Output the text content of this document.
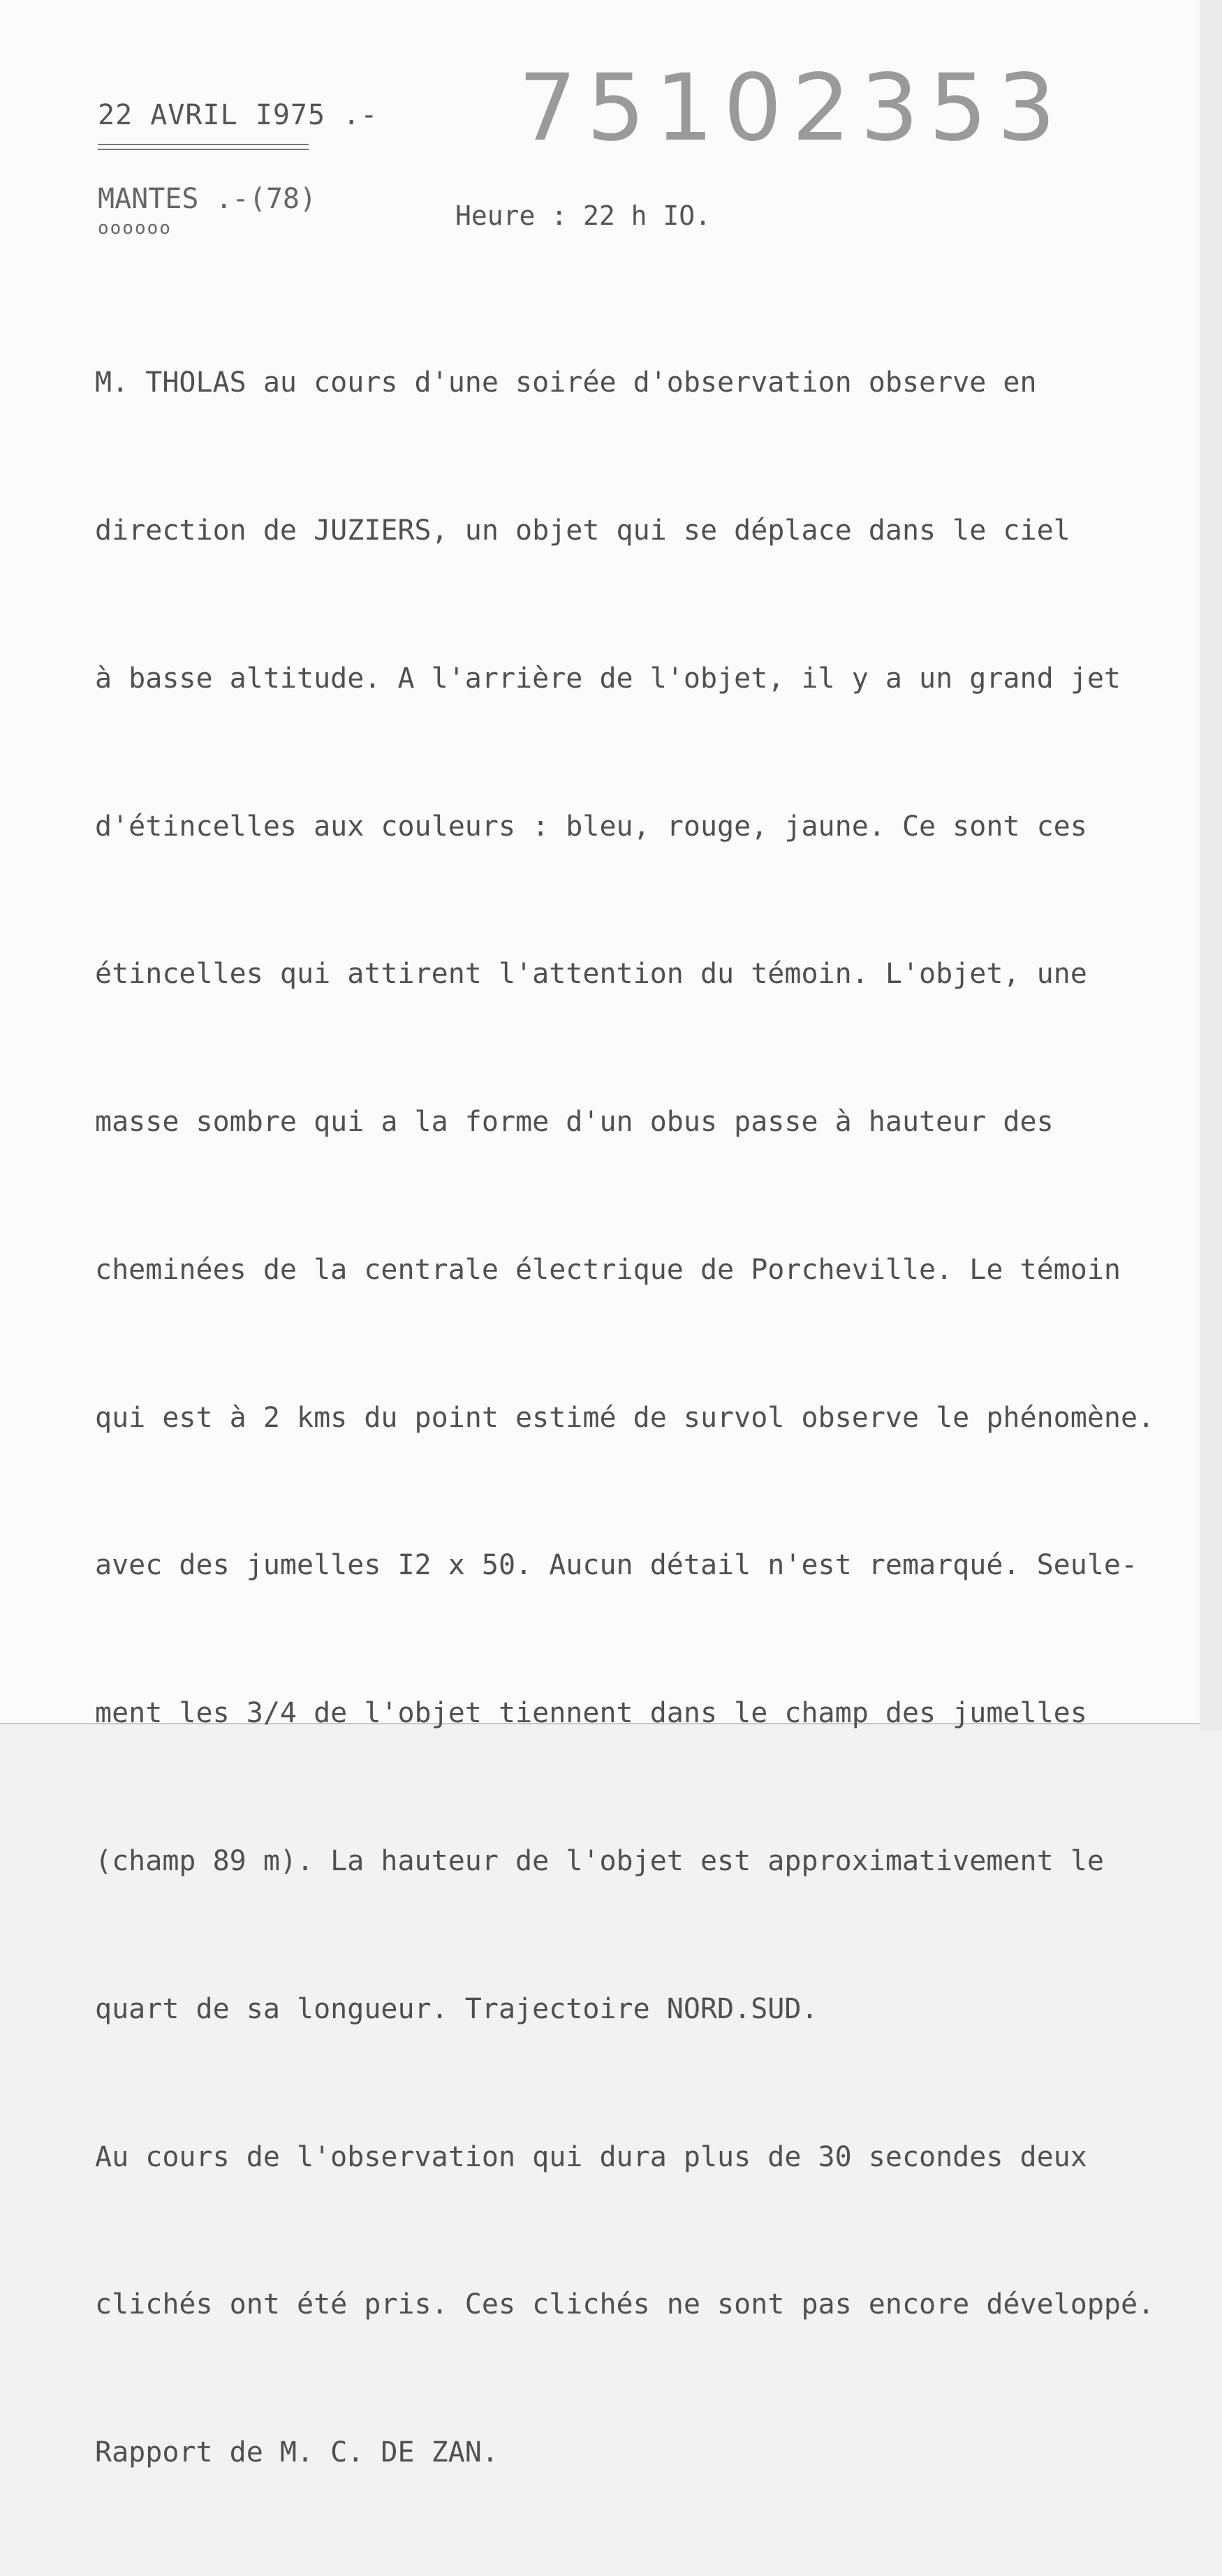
22 AVRIL I975 .- 75102353
MANTES .-(78)
oooooo	Heure : 22 h IO.

M. THOLAS au cours d'une soirée d'observation observe en

direction de JUZIERS, un objet qui se déplace dans le ciel

à basse altitude. A l'arrière de l'objet, il y a un grand jet

d'étincelles aux couleurs : bleu, rouge, jaune. Ce sont ces

étincelles qui attirent l'attention du témoin. L'objet, une

masse sombre qui a la forme d'un obus passe à hauteur des

cheminées de la centrale électrique de Porcheville. Le témoin

qui est à 2 kms du point estimé de survol observe le phénomène.

avec des jumelles I2 x 50. Aucun détail n'est remarqué. Seule-

ment les 3/4 de l'objet tiennent dans le champ des jumelles

(champ 89 m). La hauteur de l'objet est approximativement le

quart de sa longueur. Trajectoire NORD.SUD.

Au cours de l'observation qui dura plus de 30 secondes deux

clichés ont été pris. Ces clichés ne sont pas encore développé.

Rapport de M. C. DE ZAN.
